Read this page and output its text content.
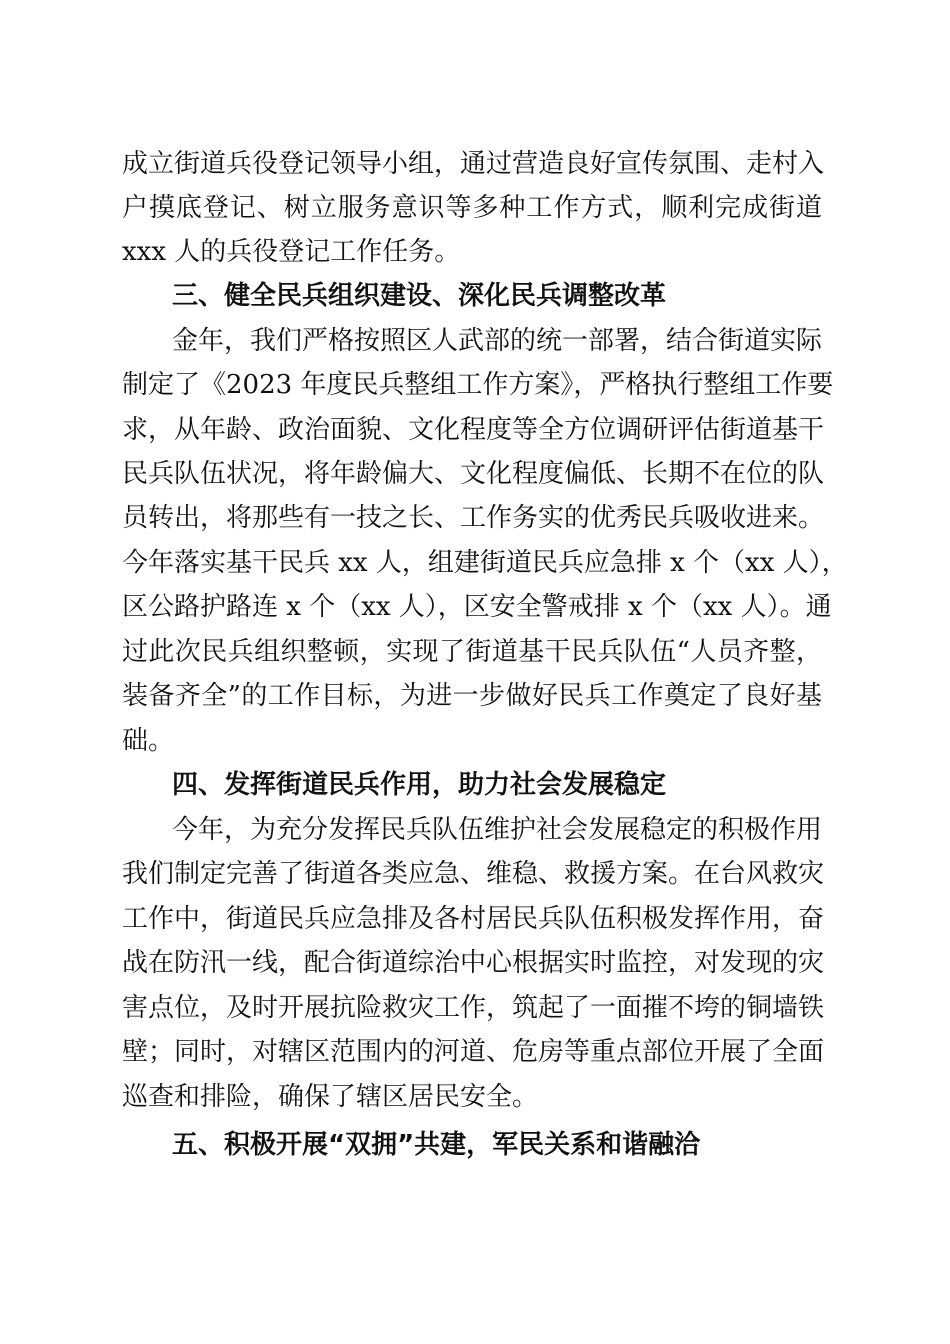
成立街道兵役登记领导小组，通过营造良好宣传氛围、走村入
户摸底登记、树立服务意识等多种工作方式，顺利完成街道
xxx 人的兵役登记工作任务。
三、健全民兵组织建设、深化民兵调整改革
金年，我们严格按照区人武部的统一部署，结合街道实际
制定了《2023 年度民兵整组工作方案》，严格执行整组工作要
求，从年龄、政治面貌、文化程度等全方位调研评估街道基干
民兵队伍状况，将年龄偏大、文化程度偏低、长期不在位的队
员转出，将那些有一技之长、工作务实的优秀民兵吸收进来。
今年落实基干民兵 xx 人，组建街道民兵应急排 x 个（xx 人），
区公路护路连 x 个（xx 人），区安全警戒排 x 个（xx 人）。通
过此次民兵组织整顿，实现了街道基干民兵队伍“人员齐整，
装备齐全”的工作目标，为进一步做好民兵工作奠定了良好基
础。
四、发挥街道民兵作用，助力社会发展稳定
今年，为充分发挥民兵队伍维护社会发展稳定的积极作用
我们制定完善了街道各类应急、维稳、救援方案。在台风救灾
工作中，街道民兵应急排及各村居民兵队伍积极发挥作用，奋
战在防汛一线，配合街道综治中心根据实时监控，对发现的灾
害点位，及时开展抗险救灾工作，筑起了一面摧不垮的铜墙铁
壁；同时，对辖区范围内的河道、危房等重点部位开展了全面
巡查和排险，确保了辖区居民安全。
五、积极开展“双拥”共建，军民关系和谐融洽
